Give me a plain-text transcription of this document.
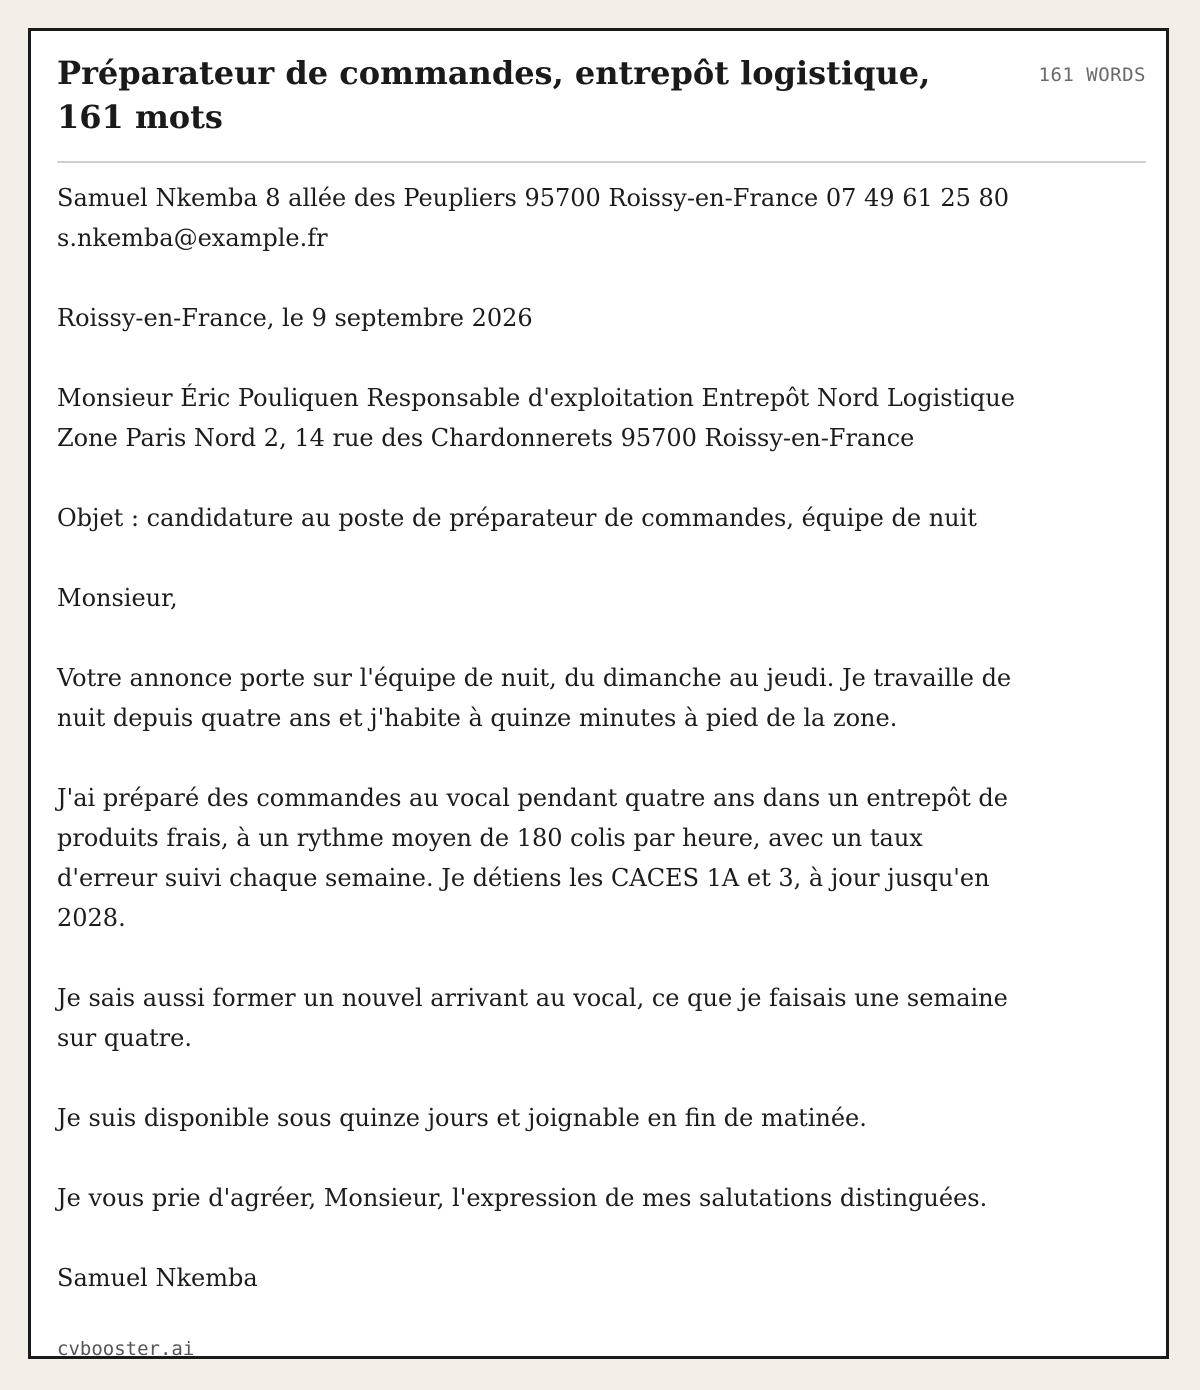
Préparateur de commandes, entrepôt logistique, 161 mots
161 WORDS

Samuel Nkemba 8 allée des Peupliers 95700 Roissy-en-France 07 49 61 25 80 s.nkemba@example.fr

Roissy-en-France, le 9 septembre 2026

Monsieur Éric Pouliquen Responsable d'exploitation Entrepôt Nord Logistique Zone Paris Nord 2, 14 rue des Chardonnerets 95700 Roissy-en-France

Objet : candidature au poste de préparateur de commandes, équipe de nuit

Monsieur,

Votre annonce porte sur l'équipe de nuit, du dimanche au jeudi. Je travaille de nuit depuis quatre ans et j'habite à quinze minutes à pied de la zone.

J'ai préparé des commandes au vocal pendant quatre ans dans un entrepôt de produits frais, à un rythme moyen de 180 colis par heure, avec un taux d'erreur suivi chaque semaine. Je détiens les CACES 1A et 3, à jour jusqu'en 2028.

Je sais aussi former un nouvel arrivant au vocal, ce que je faisais une semaine sur quatre.

Je suis disponible sous quinze jours et joignable en fin de matinée.

Je vous prie d'agréer, Monsieur, l'expression de mes salutations distinguées.

Samuel Nkemba

cvbooster.ai
